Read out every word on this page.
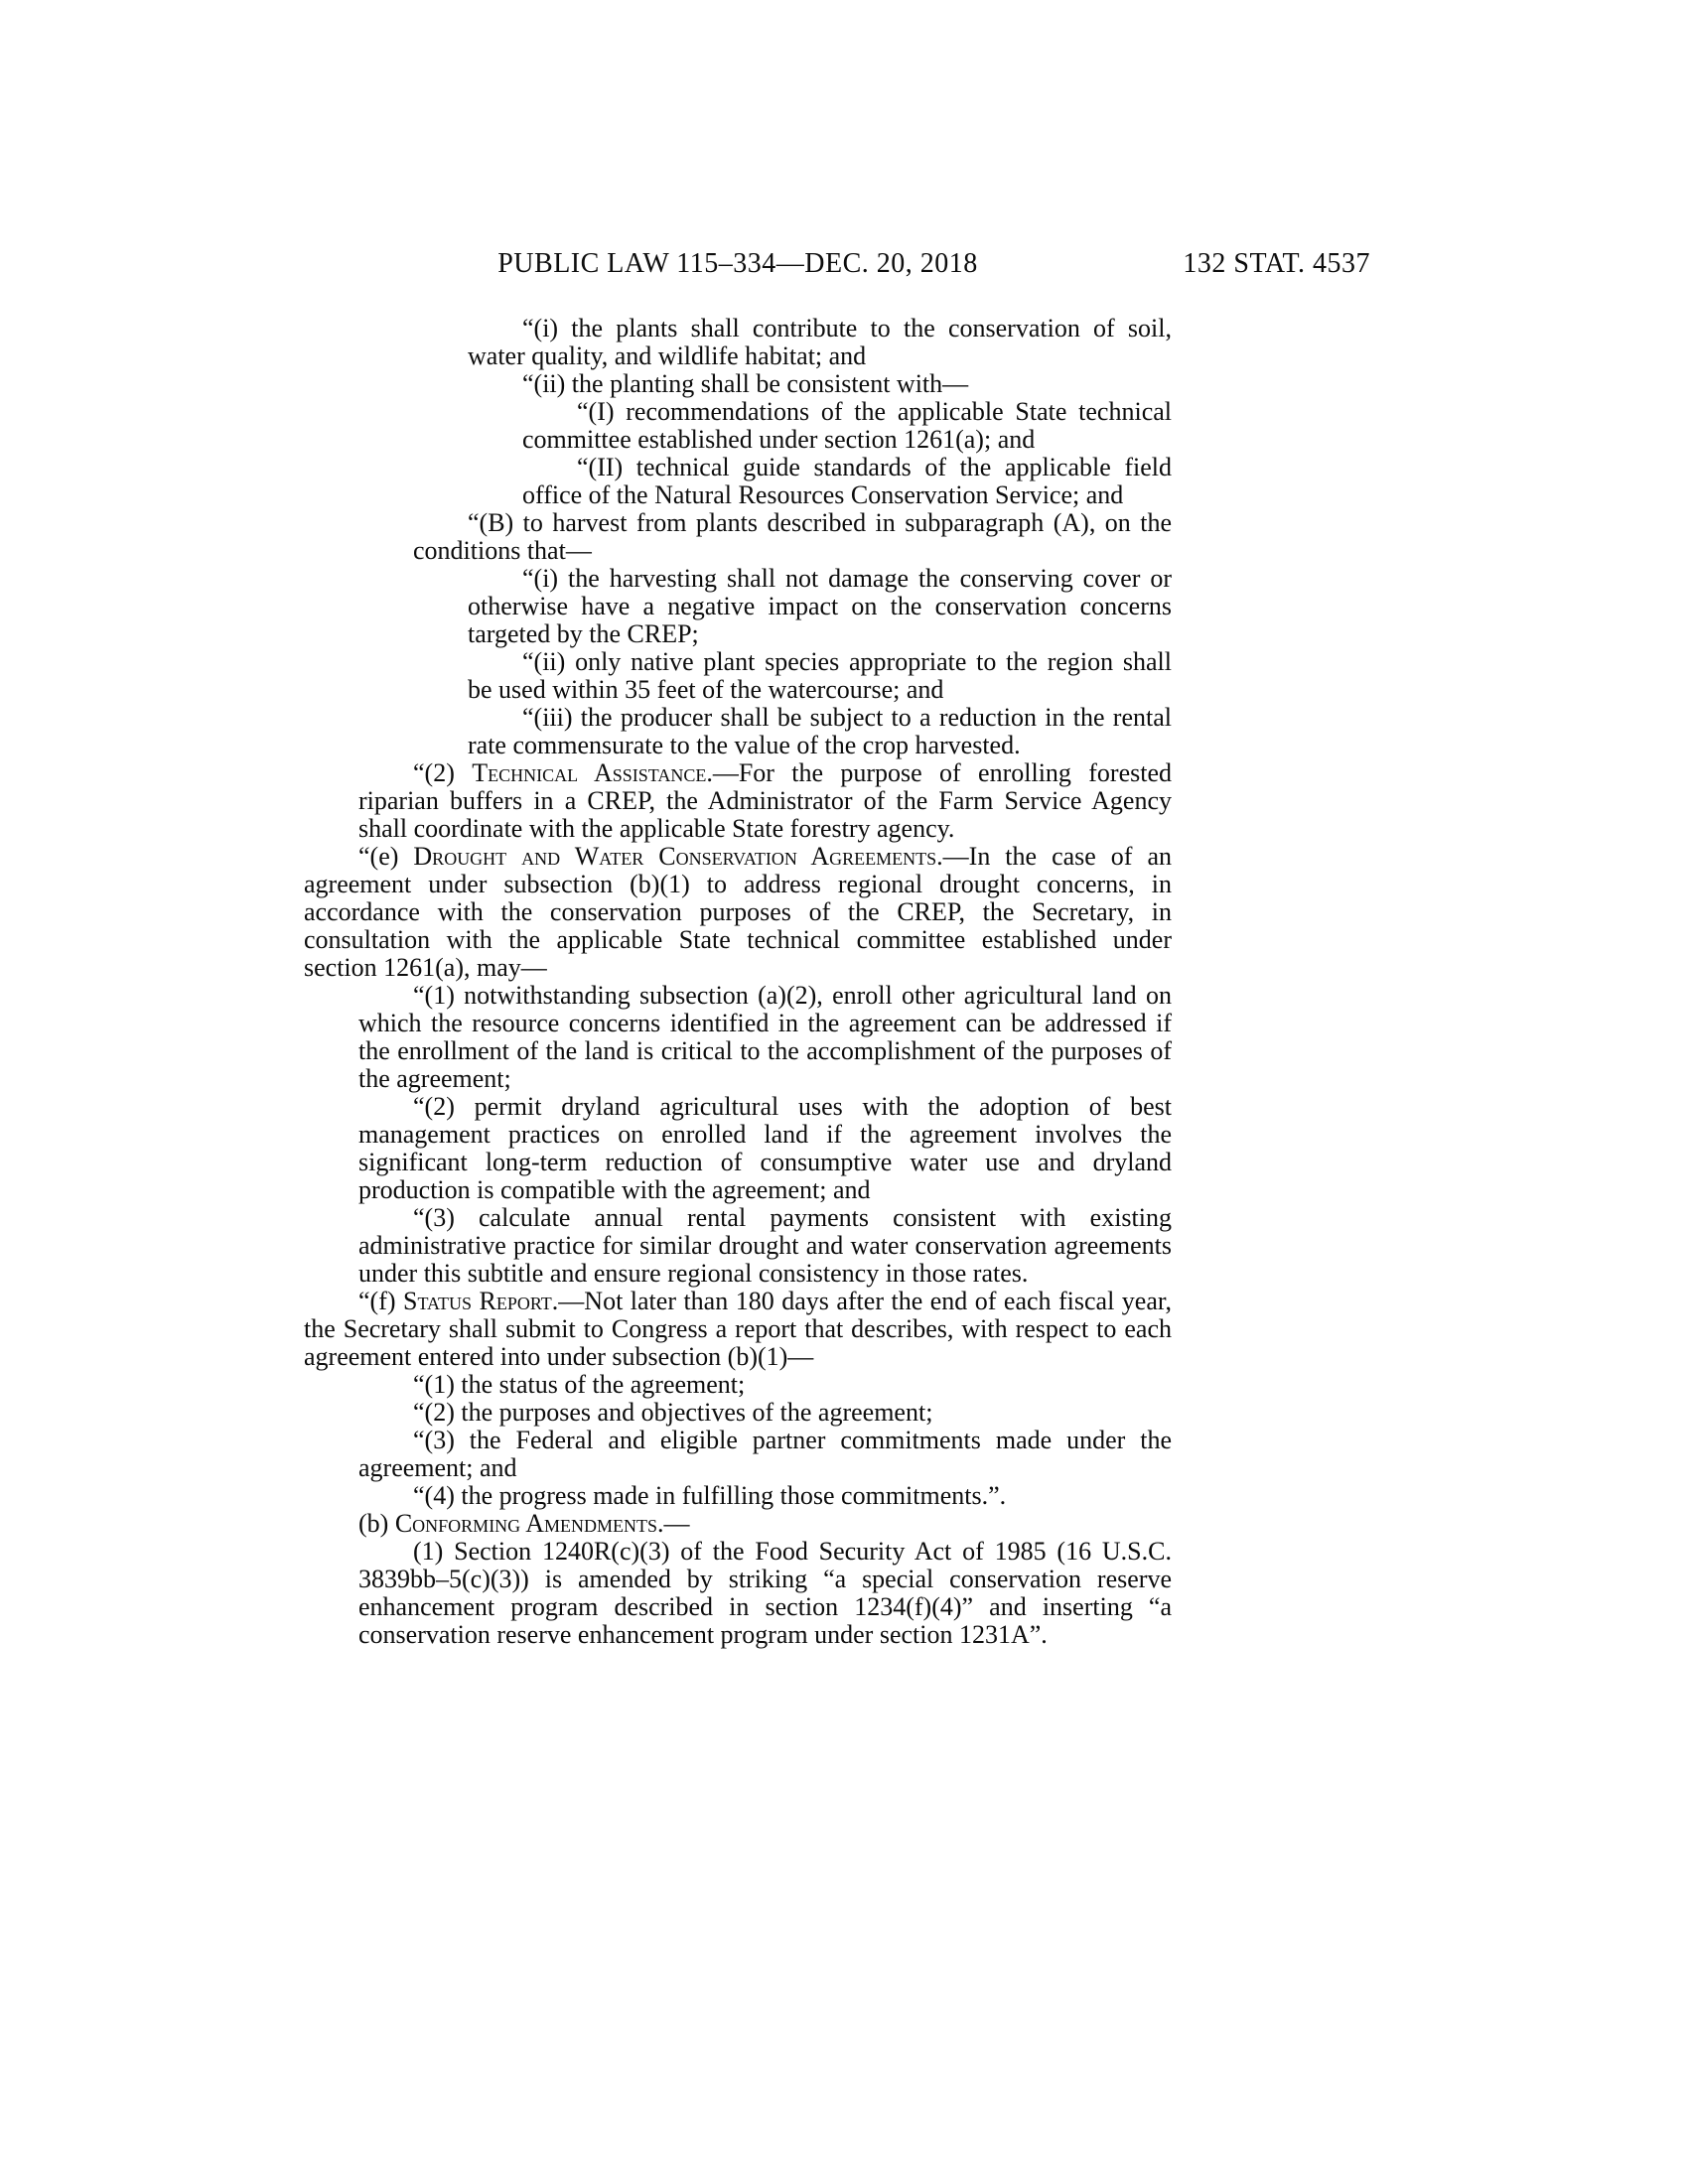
PUBLIC LAW 115–334—DEC. 20, 2018	132 STAT. 4537

“(i) the plants shall contribute to the conservation of soil, water quality, and wildlife habitat; and

“(ii) the planting shall be consistent with—

“(I) recommendations of the applicable State technical committee established under section 1261(a); and

“(II) technical guide standards of the applicable field office of the Natural Resources Conservation Service; and

“(B) to harvest from plants described in subparagraph (A), on the conditions that—

“(i) the harvesting shall not damage the conserving cover or otherwise have a negative impact on the conservation concerns targeted by the CREP;

“(ii) only native plant species appropriate to the region shall be used within 35 feet of the watercourse; and

“(iii) the producer shall be subject to a reduction in the rental rate commensurate to the value of the crop harvested.

“(2) Technical Assistance.—For the purpose of enrolling forested riparian buffers in a CREP, the Administrator of the Farm Service Agency shall coordinate with the applicable State forestry agency.

“(e) Drought and Water Conservation Agreements.—In the case of an agreement under subsection (b)(1) to address regional drought concerns, in accordance with the conservation purposes of the CREP, the Secretary, in consultation with the applicable State technical committee established under section 1261(a), may—

“(1) notwithstanding subsection (a)(2), enroll other agricultural land on which the resource concerns identified in the agreement can be addressed if the enrollment of the land is critical to the accomplishment of the purposes of the agreement;

“(2) permit dryland agricultural uses with the adoption of best management practices on enrolled land if the agreement involves the significant long-term reduction of consumptive water use and dryland production is compatible with the agreement; and

“(3) calculate annual rental payments consistent with existing administrative practice for similar drought and water conservation agreements under this subtitle and ensure regional consistency in those rates.

“(f) Status Report.—Not later than 180 days after the end of each fiscal year, the Secretary shall submit to Congress a report that describes, with respect to each agreement entered into under subsection (b)(1)—

“(1) the status of the agreement;

“(2) the purposes and objectives of the agreement;

“(3) the Federal and eligible partner commitments made under the agreement; and

“(4) the progress made in fulfilling those commitments.”.

(b) Conforming Amendments.—

(1) Section 1240R(c)(3) of the Food Security Act of 1985 (16 U.S.C. 3839bb–5(c)(3)) is amended by striking “a special conservation reserve enhancement program described in section 1234(f)(4)” and inserting “a conservation reserve enhancement program under section 1231A”.
